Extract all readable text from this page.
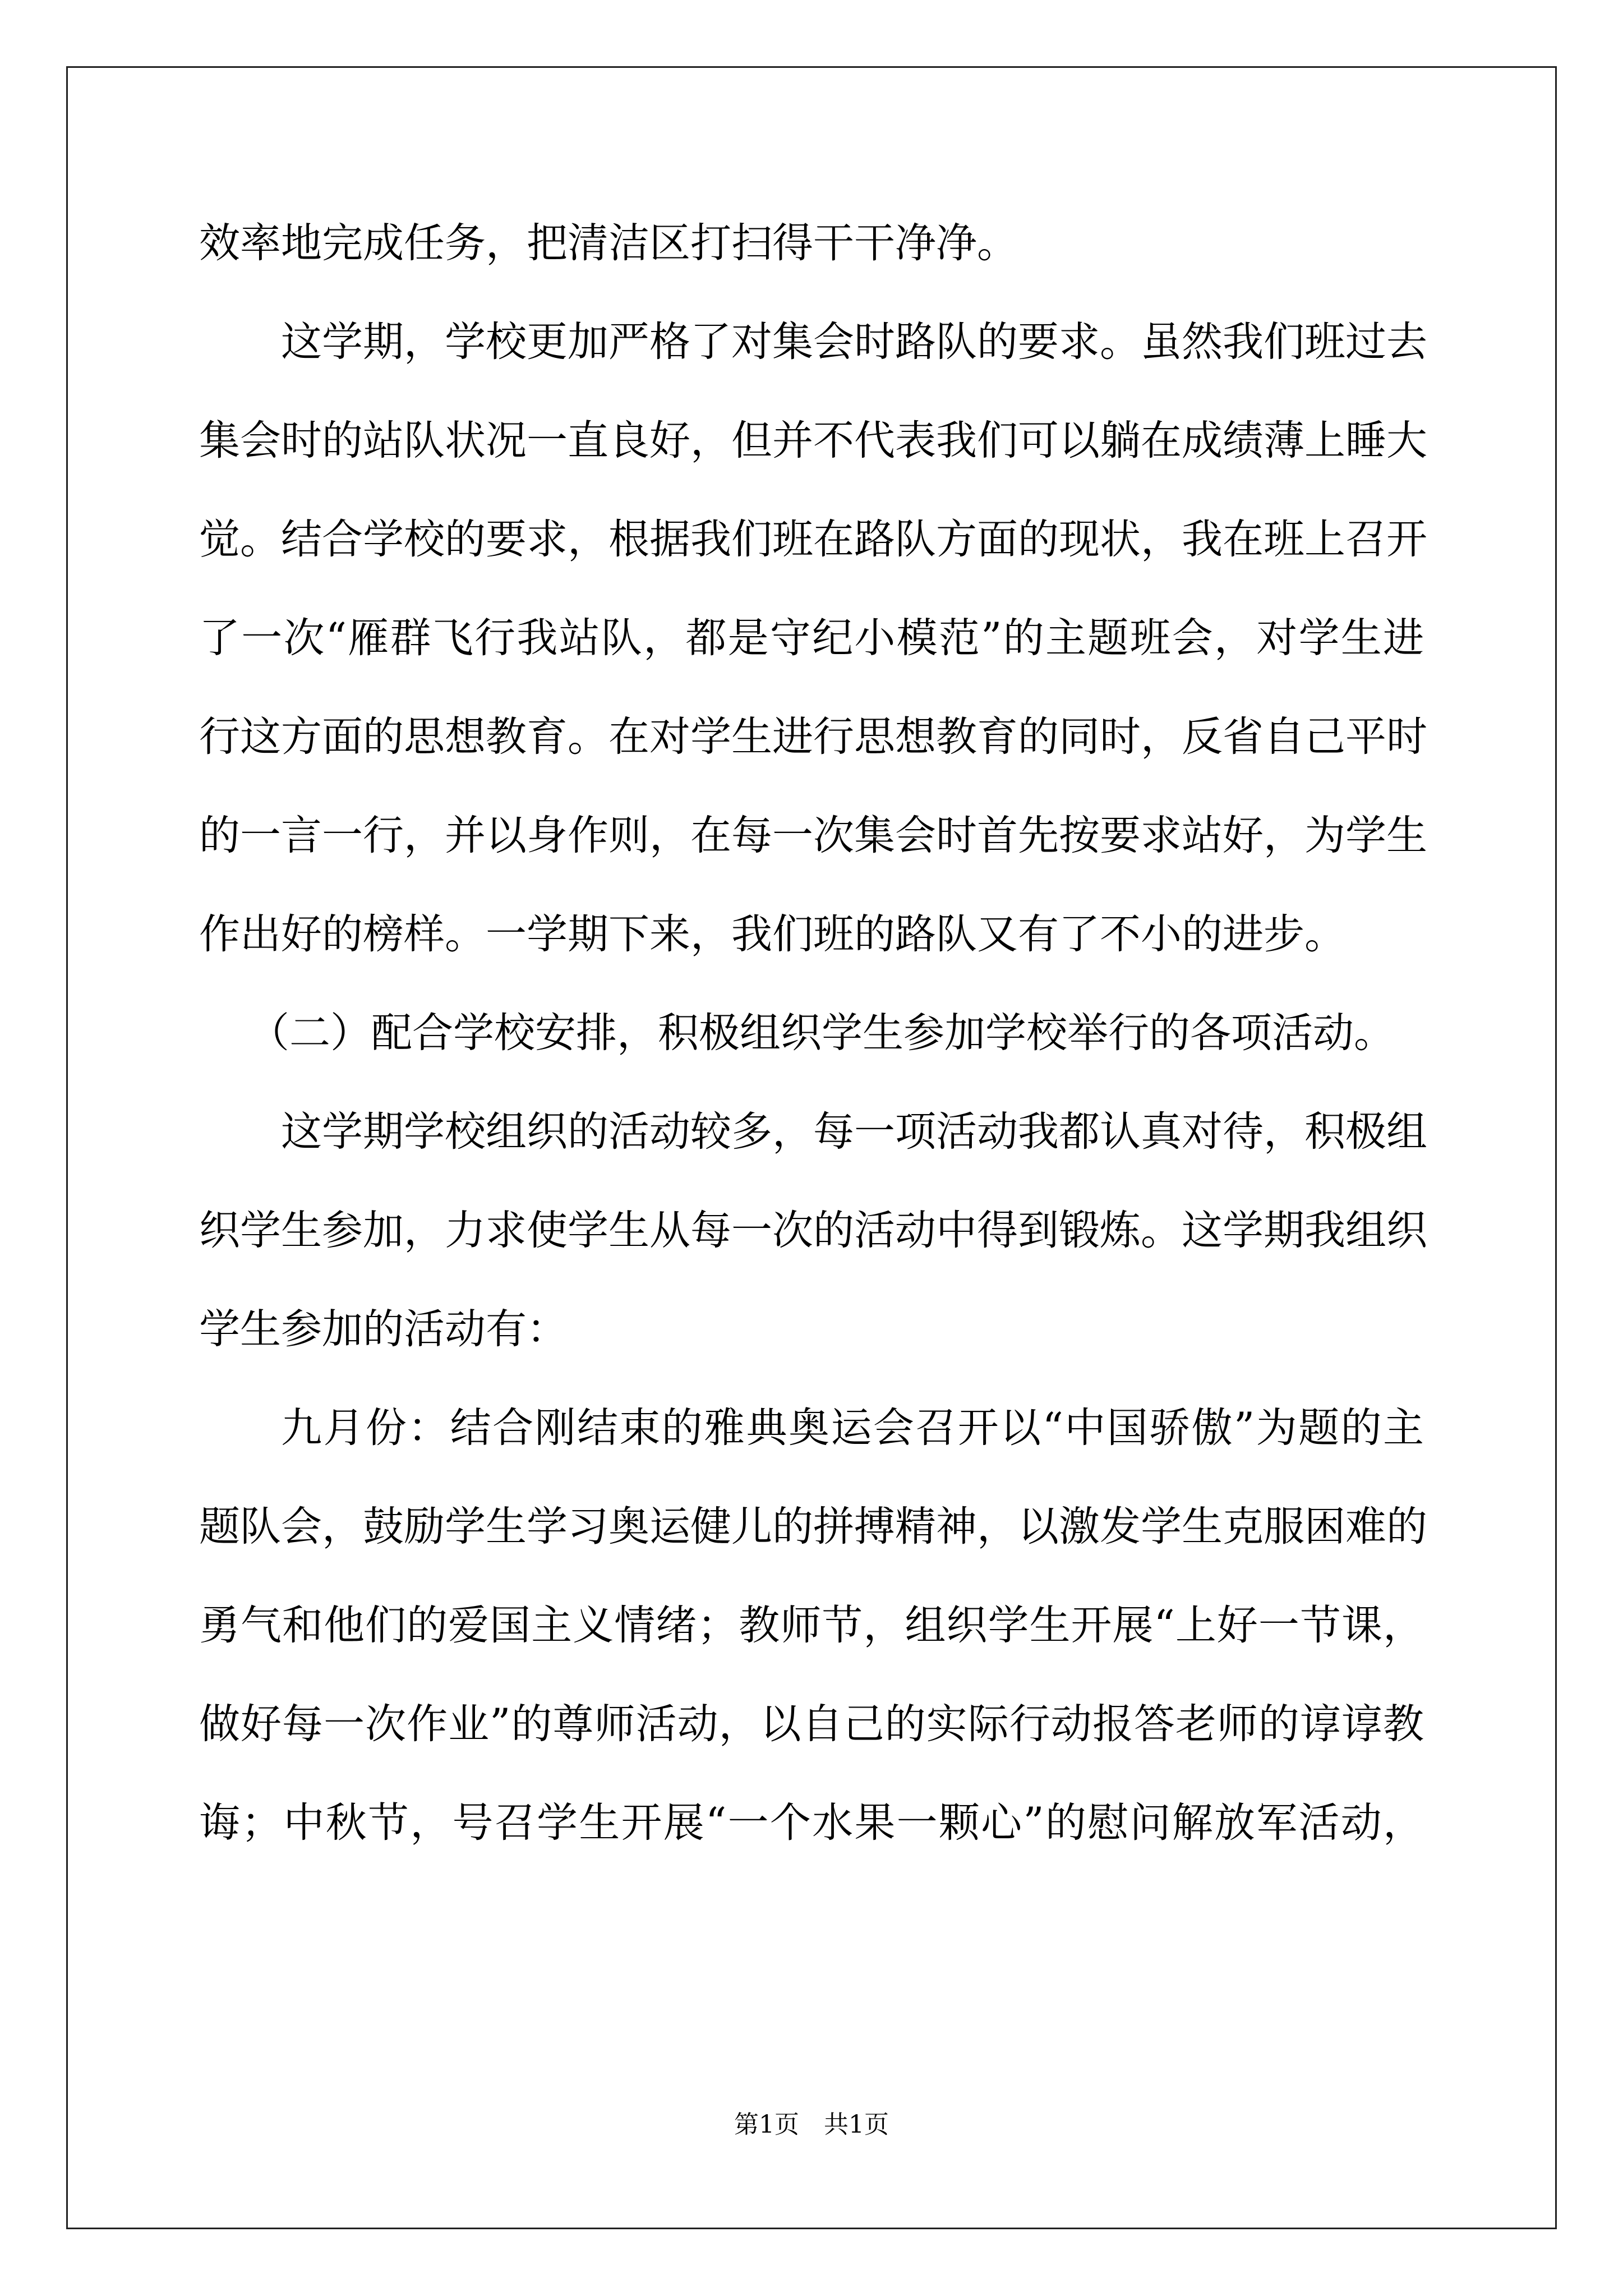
效率地完成任务，把清洁区打扫得干干净净。
这学期，学校更加严格了对集会时路队的要求。虽然我们班过去
集会时的站队状况一直良好，但并不代表我们可以躺在成绩薄上睡大
觉。结合学校的要求，根据我们班在路队方面的现状，我在班上召开
了一次“雁群飞行我站队，都是守纪小模范”的主题班会，对学生进
行这方面的思想教育。在对学生进行思想教育的同时，反省自己平时
的一言一行，并以身作则，在每一次集会时首先按要求站好，为学生
作出好的榜样。一学期下来，我们班的路队又有了不小的进步。
（二）配合学校安排，积极组织学生参加学校举行的各项活动。
这学期学校组织的活动较多，每一项活动我都认真对待，积极组
织学生参加，力求使学生从每一次的活动中得到锻炼。这学期我组织
学生参加的活动有：
九月份：结合刚结束的雅典奥运会召开以“中国骄傲”为题的主
题队会，鼓励学生学习奥运健儿的拼搏精神，以激发学生克服困难的
勇气和他们的爱国主义情绪；教师节，组织学生开展“上好一节课，
做好每一次作业”的尊师活动，以自己的实际行动报答老师的谆谆教
诲；中秋节，号召学生开展“一个水果一颗心”的慰问解放军活动，
第1页　共1页
